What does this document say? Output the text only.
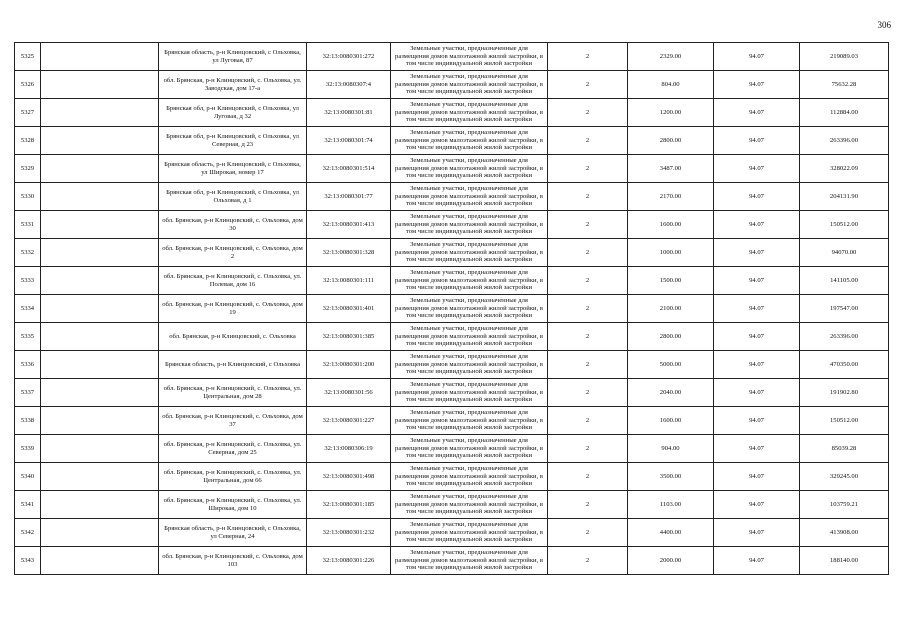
306
5325		Брянская область, р-н Клинцовский, с Ольховка, ул Луговая, 87	32:13:0080301:272	Земельные участки, предназначенные для размещения домов малоэтажной жилой застройки, в том числе индивидуальной жилой застройки	2	2329.00	94.07	219089.03
5326		обл. Брянская, р-н Клинцовский, с. Ольховка, ул. Заводская, дом 17-а	32:13:0080307:4	Земельные участки, предназначенные для размещения домов малоэтажной жилой застройки, в том числе индивидуальной жилой застройки	2	804.00	94.07	75632.28
5327		Брянская обл, р-н Клинцовский, с Ольховка, ул Луговая, д 32	32:13:0080301:81	Земельные участки, предназначенные для размещения домов малоэтажной жилой застройки, в том числе индивидуальной жилой застройки	2	1200.00	94.07	112884.00
5328		Брянская обл, р-н Клинцовский, с Ольховка, ул Северная, д 23	32:13:0080301:74	Земельные участки, предназначенные для размещения домов малоэтажной жилой застройки, в том числе индивидуальной жилой застройки	2	2800.00	94.07	263396.00
5329		Брянская область, р-н Клинцовский, с Ольховка, ул Широкая, номер 17	32:13:0080301:514	Земельные участки, предназначенные для размещения домов малоэтажной жилой застройки, в том числе индивидуальной жилой застройки	2	3487.00	94.07	328022.09
5330		Брянская обл, р-н Клинцовский, с Ольховка, ул Ольховая, д 1	32:13:0080301:77	Земельные участки, предназначенные для размещения домов малоэтажной жилой застройки, в том числе индивидуальной жилой застройки	2	2170.00	94.07	204131.90
5331		обл. Брянская, р-н Клинцовский, с. Ольховка, дом 30	32:13:0080301:413	Земельные участки, предназначенные для размещения домов малоэтажной жилой застройки, в том числе индивидуальной жилой застройки	2	1600.00	94.07	150512.00
5332		обл. Брянская, р-н Клинцовский, с. Ольховка, дом 2	32:13:0080301:328	Земельные участки, предназначенные для размещения домов малоэтажной жилой застройки, в том числе индивидуальной жилой застройки	2	1000.00	94.07	94070.00
5333		обл. Брянская, р-н Клинцовский, с. Ольховка, ул. Полевая, дом 16	32:13:0080301:111	Земельные участки, предназначенные для размещения домов малоэтажной жилой застройки, в том числе индивидуальной жилой застройки	2	1500.00	94.07	141105.00
5334		обл. Брянская, р-н Клинцовский, с. Ольховка, дом 19	32:13:0080301:401	Земельные участки, предназначенные для размещения домов малоэтажной жилой застройки, в том числе индивидуальной жилой застройки	2	2100.00	94.07	197547.00
5335		обл. Брянская, р-н Клинцовский, с. Ольховка	32:13:0080301:385	Земельные участки, предназначенные для размещения домов малоэтажной жилой застройки, в том числе индивидуальной жилой застройки	2	2800.00	94.07	263396.00
5336		Брянская область, р-н Клинцовский, с Ольховка	32:13:0080301:200	Земельные участки, предназначенные для размещения домов малоэтажной жилой застройки, в том числе индивидуальной жилой застройки	2	5000.00	94.07	470350.00
5337		обл. Брянская, р-н Клинцовский, с. Ольховка, ул. Центральная, дом 28	32:13:0080301:56	Земельные участки, предназначенные для размещения домов малоэтажной жилой застройки, в том числе индивидуальной жилой застройки	2	2040.00	94.07	191902.80
5338		обл. Брянская, р-н Клинцовский, с. Ольховка, дом 37	32:13:0080301:227	Земельные участки, предназначенные для размещения домов малоэтажной жилой застройки, в том числе индивидуальной жилой застройки	2	1600.00	94.07	150512.00
5339		обл. Брянская, р-н Клинцовский, с. Ольховка, ул. Северная, дом 25	32:13:0080306:19	Земельные участки, предназначенные для размещения домов малоэтажной жилой застройки, в том числе индивидуальной жилой застройки	2	904.00	94.07	85039.28
5340		обл. Брянская, р-н Клинцовский, с. Ольховка, ул. Центральная, дом 66	32:13:0080301:498	Земельные участки, предназначенные для размещения домов малоэтажной жилой застройки, в том числе индивидуальной жилой застройки	2	3500.00	94.07	329245.00
5341		обл. Брянская, р-н Клинцовский, с. Ольховка, ул. Широкая, дом 10	32:13:0080301:185	Земельные участки, предназначенные для размещения домов малоэтажной жилой застройки, в том числе индивидуальной жилой застройки	2	1103.00	94.07	103759.21
5342		Брянская область, р-н Клинцовский, с Ольховка, ул Северная, 24	32:13:0080301:232	Земельные участки, предназначенные для размещения домов малоэтажной жилой застройки, в том числе индивидуальной жилой застройки	2	4400.00	94.07	413908.00
5343		обл. Брянская, р-н Клинцовский, с. Ольховка, дом 103	32:13:0080301:226	Земельные участки, предназначенные для размещения домов малоэтажной жилой застройки, в том числе индивидуальной жилой застройки	2	2000.00	94.07	188140.00
